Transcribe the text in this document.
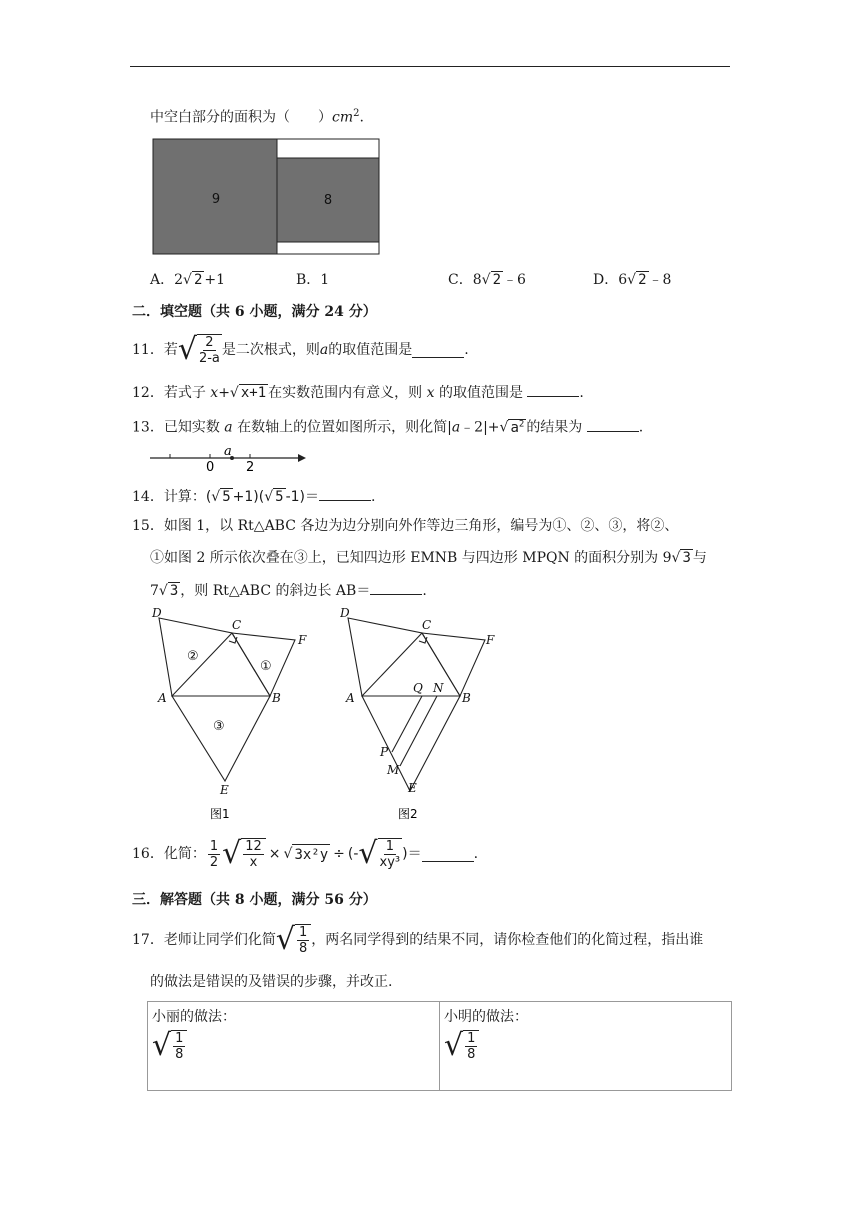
中空白部分的面积为（　　）$cm^2$.
9	8
A．2√ 2 +1	B．1	C．8√ 2 ﹣6	D．6√ 2 ﹣8
二．填空题（共 6 小题，满分 24 分）
11． 若 √ $\frac{2}{2-a}$ 是二次根式，则 a 的取值范围是	.
12．若式子 x+√ x+1 在实数范围内有意义，则 x 的取值范围是	.
13．已知实数 a 在数轴上的位置如图所示，则化简|a﹣2|+√ $a^2$ 的结果为	.
0
a
2
14．计算：(√ 5 +1)(√ 5 -1)＝	.
15．如图 1，以 Rt△ABC 各边为边分别向外作等边三角形，编号为①、②、③，将②、
①如图 2 所示依次叠在③上，已知四边形 EMNB 与四边形 MPQN 的面积分别为 9√ 3 与
7√ 3 ，则 Rt△ABC 的斜边长 AB＝	.
D
C
F
A	B
E
②
①
③
图1
D
C
F
A	B
Q N
P
M
E
图2
16． 化简： $\frac{1}{2}$ √ $\frac{12}{x}$ × √ 3x²y ÷ (- √ $\frac{1}{\text{xy³}}$ ) ＝	.
三．解答题（共 8 小题，满分 56 分）
17． 老师让同学们化简 √ $\frac{1}{8}$ ，两名同学得到的结果不同，请你检查他们的化简过程，指出谁
的做法是错误的及错误的步骤，并改正.
小丽的做法：
√ $\frac{1}{8}$

小明的做法：
√ $\frac{1}{8}$
